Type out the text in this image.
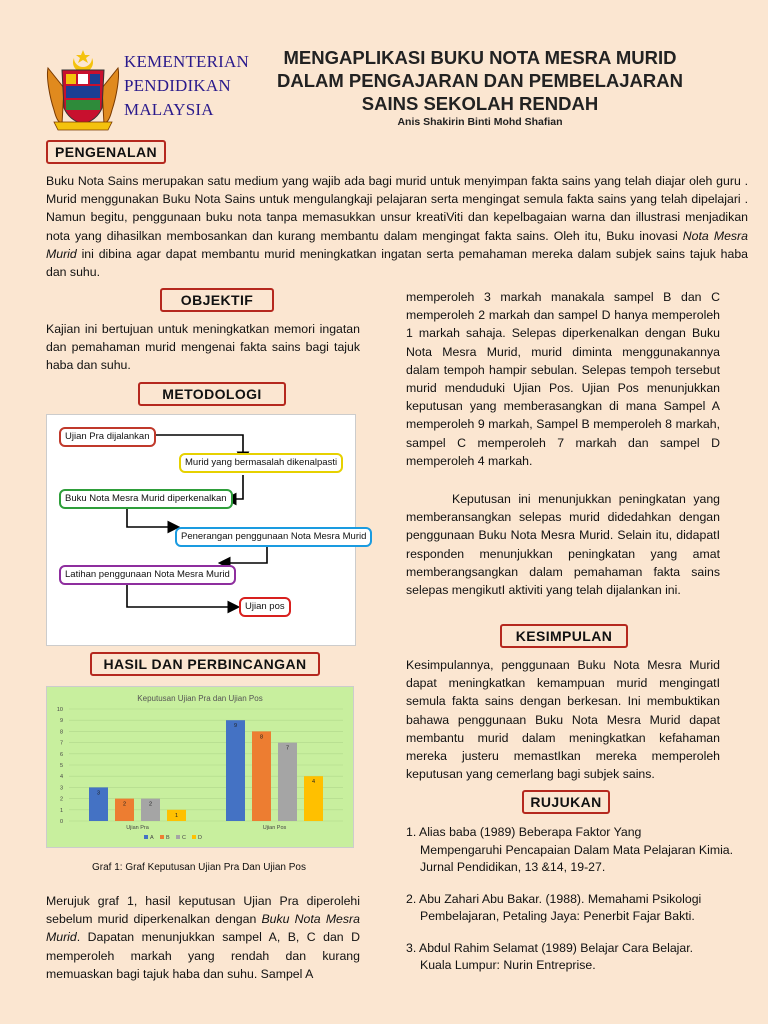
KEMENTERIAN
PENDIDIKAN
MALAYSIA
MENGAPLIKASI BUKU NOTA MESRA MURID
DALAM PENGAJARAN DAN PEMBELAJARAN
SAINS SEKOLAH RENDAH
Anis Shakirin Binti Mohd Shafian
PENGENALAN
Buku Nota Sains merupakan satu medium yang wajib ada bagi murid untuk menyimpan fakta sains yang telah diajar oleh guru . Murid menggunakan Buku Nota Sains untuk mengulangkaji pelajaran serta mengingat semula fakta sains yang telah dipelajari . Namun begitu, penggunaan buku nota tanpa memasukkan unsur kreatiViti dan kepelbagaian warna dan illustrasi menjadikan nota yang dihasilkan membosankan dan kurang membantu dalam mengingat fakta sains. Oleh itu, Buku inovasi Nota Mesra Murid ini dibina agar dapat membantu murid meningkatkan ingatan serta pemahaman mereka dalam subjek sains tajuk haba dan suhu.
OBJEKTIF
Kajian ini bertujuan untuk meningkatkan memori ingatan dan pemahaman murid mengenai fakta sains bagi tajuk haba dan suhu.
METODOLOGI
Ujian Pra dijalankan
Murid yang bermasalah dikenalpasti
Buku Nota Mesra Murid diperkenalkan
Penerangan penggunaan Nota Mesra Murid
Latihan penggunaan Nota Mesra Murid
Ujian pos
HASIL DAN PERBINCANGAN
Keputusan Ujian Pra dan Ujian Pos
0
1
2
3
4
5
6
7
8
9
10
3
2	2
1
Ujian Pra
9
8
7
4
Ujian Pos
A B C D
Graf 1: Graf Keputusan Ujian Pra Dan Ujian Pos
Merujuk graf 1, hasil keputusan Ujian Pra diperolehi sebelum murid diperkenalkan dengan Buku Nota Mesra Murid. Dapatan menunjukkan sampel A, B, C dan D memperoleh markah yang rendah dan kurang memuaskan bagi tajuk haba dan suhu. Sampel A
memperoleh 3 markah manakala sampel B dan C memperoleh 2 markah dan sampel D hanya memperoleh 1 markah sahaja. Selepas diperkenalkan dengan Buku Nota Mesra Murid, murid diminta menggunakannya dalam tempoh hampir sebulan. Selepas tempoh tersebut murid menduduki Ujian Pos. Ujian Pos menunjukkan keputusan yang memberasangkan di mana Sampel A memperoleh 9 markah, Sampel B memperoleh 8 markah, sampel C memperoleh 7 markah dan sampel D memperoleh 4 markah.
Keputusan ini menunjukkan peningkatan yang memberansangkan selepas murid didedahkan dengan penggunaan Buku Nota Mesra Murid. Selain itu, didapatI responden menunjukkan peningkatan yang amat memberangsangkan dalam pemahaman fakta sains selepas mengikutI aktiviti yang telah dijalankan ini.
KESIMPULAN
Kesimpulannya, penggunaan Buku Nota Mesra Murid dapat meningkatkan kemampuan murid mengingatI semula fakta sains dengan berkesan. Ini membuktikan bahawa penggunaan Buku Nota Mesra Murid dapat membantu murid dalam meningkatkan kefahaman mereka justeru memastIkan mereka memperoleh keputusan yang cemerlang bagi subjek sains.
RUJUKAN

1. Alias baba (1989) Beberapa Faktor Yang
Mempengaruhi Pencapaian Dalam Mata Pelajaran Kimia. Jurnal Pendidikan, 13 &14, 19-27.

2. Abu Zahari Abu Bakar. (1988). Memahami Psikologi
Pembelajaran, Petaling Jaya: Penerbit Fajar Bakti.

3. Abdul Rahim Selamat (1989) Belajar Cara Belajar.
Kuala Lumpur: Nurin Entreprise.
